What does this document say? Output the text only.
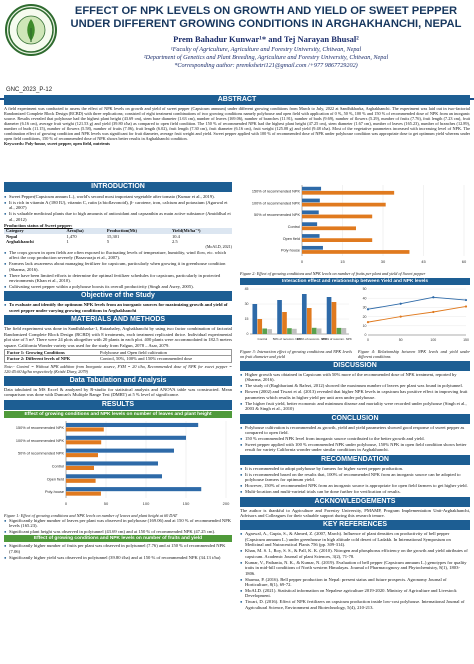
EFFECT OF NPK LEVELS ON GROWTH AND YIELD OF SWEET PEPPER UNDER DIFFERENT GROWING CONDITIONS IN ARGHAKHANCHI, NEPAL
Prem Bahadur Kunwar¹* and Tej Narayan Bhusal²
¹Faculty of Agriculture, Agriculture and Forestry University, Chitwan, Nepal
²Department of Genetics and Plant Breeding, Agriculture and Forestry University, Chitwan, Nepal
*Corresponding author: premkshetri121@gmail.com /+977 9867729202)
GNC_2023_P-12
ABSTRACT
A field experiment was conducted to assess the effect of NPK levels on growth and yield of sweet pepper (Capsicum annuum) under different growing conditions from March to July, 2022 at Sandhikharka, Arghakhanchi. The experiment was laid out in two-factorial Randomized Complete Block Design (RCBD) with three replications; consisted of eight treatment combinations of two growing conditions namely polyhouse and open field with application of 0 %, 50 %, 100 % and 150 % of recommended dose of NPK from an inorganic source. Results revealed that polyhouse had the highest plant height (43.69 cm), stem base diameter (1.63 cm), number of leaves (169.06), number of branches (11.91), number of buds (9.69), number of flowers (5.29), number of fruits (7.76), fruit length (7.23 cm), fruit diameter (6.16 cm), average fruit weight (121.53 g) and yield (39.80 t/ha) as compared to open field condition. The 150 % of recommended NPK had the highest plant height (47.25 cm), stem diameter (1.67 cm), number of leaves (165.23), number of branches (12.89), number of buds (11.15), number of flowers (5.58), number of fruits (7.06), fruit length (6.02), fruit length (7.30 cm), fruit diameter (6.16 cm), fruit weight (125.08 g) and yield (9.48 t/ha). Most of the vegetative parameters increased with increasing level of NPK. The combination effect of growing condition and NPK levels was significant for fruit diameter, average fruit weight and yield. Sweet pepper applied with 100 % of recommended dose of NPK under polyhouse condition was appropriate dose to get optimum yield whereas under open field conditions, 150 % of recommended dose of NPK shows better results in Arghakhanchi condition.
Keywords: Poly-house, sweet pepper, open field, nutrients
INTRODUCTION
● Sweet Pepper(Capsicum annum L.), world's second most important vegetable after tomato (Kumar et al., 2019).
● It is rich in vitamin A (180 IU), vitamin C, rutin (a bioflavonoid), β- carotene, iron, calcium and potassium (Agarwal et al., 2007)
● It is valuable medicinal plants due to high amounts of antioxidant and capsanthin as main active substance (Amiddlsal et al., 2012)
Production status of Sweet pepper:
Category	Area(ha)	Production(Mt)	Yield(Mt/ha⁻¹)
Nepal	1,470	15,301	10.4
Arghakhanchi	1	5	2.5
(MoALD, 2021)
● The crops grown in open fields are often exposed to fluctuating levels of temperature, humidity, wind flow, etc. which affect the crop production severely (Basavaraja et al., 2007).
● Farmers lack awareness about managing fertilizer for capsicum, particularly when growing it in greenhouse condition (Sharma, 2016).
● There have been limited efforts to determine the optimal fertilizer schedules for capsicum, particularly in protected environments (Khan et al., 2010).
● Cultivating sweet pepper within a polyhouse boosts its overall productivity (Singh and Asrey, 2005).
Objective of the Study
● To evaluate and identify the optimum NPK levels from an inorganic sources for maximizing growth and yield of sweet pepper under varying growing conditions in Arghakhanchi
MATERIALS AND METHODS
The field experiment was done in Sandhikharka-1, Rataabaley, Arghakhanchi by using two factor combination of factorial Randomized Complete Block Design (RCBD) with 8 treatments, each treatment replicated thrice. Individual experimental plot size of 5 m². There were 24 plots altogether with 20 plants in each plot. 400 plants were accommodated in 182.5 meters square. California Wonder variety was used for the study from Falgun, 2078 – Asar, 2079.
Factor 1: Growing Conditions	Polyhouse and Open field cultivation
Factor 2: Different levels of NPK	Control, 50%, 100% and 150% recommended dose
Note:- Control = Without NPK addition from Inorganic source, FYM = 20 t/ha, Recommended dose of NPK for sweet pepper = 120:45:60 kg/ha respectively (Krishi Diary, 2079)
Data Tabulation and Analysis
Data tabulated in MS Excel & analyzed by R-studio for statistical analysis and ANOVA table was constructed. Mean comparison was done with Duncan's Multiple Range Test (DMRT) at 5 % level of significance.
RESULTS
Effect of growing conditions and NPK levels on number of leaves and plant height
0	50	100	150	200
150% of recommended NPK
100% of recommended NPK
50% of recommended NPK
Control
Open field
Poly-house
Figure 1: Effect of growing conditions and NPK levels on number of leaves and plant height at 60 DAT
● Significantly higher number of leaves per plant was observed in polyhouse (169.06) and at 150 % of recommended NPK levels (165.23).
● Significant plant height was observed in polytunnel (43.69 cm) and at 150 % of recommended NPK (47.25 cm).
Effect of growing conditions and NPK levels on number of fruits and yield
● Significantly higher number of fruits per plant was observed in polytunnel (7.76) and at 150 % of recommended NPK (7.06)
● Significantly higher yield was observed in polytunnel (39.80 t/ha) and at 150 % of recommended NPK (34.13 t/ha)
0	15	30	45	60
150% of recommended NPK
100% of recommended NPK
50% of recommended NPK
Control
Open field
Poly-house
Figure 2: Effect of growing conditions and NPK levels on number of fruits per plant and yield of Sweet pepper
Interaction effect and relationship between Yield and NPK levels
0
15
30
45
Control 50% of recomm. NPK
100% of recomm. NPK
150% of recomm. NPK
Figure 3: Interaction effect of growing conditions and NPK levels on fruit diameter and yield
0
10
20
30
40
50
0	50	100	150
Figure 4: Relationship between NPK levels and yield under different conditions
DISCUSSION
● Higher growth was obtained in Capsicum with 50% more of the recommended dose of NPK treatment, reported by (Sharma, 2016).
● The study of (Raghbariani & Rafezi, 2012) showed the maximum number of leaves per plant was found in polytunnel.
● Bowen (2002) and Tiwari et al. (2013) revealed that higher NPK levels in capsicum has positive effect in improving fruit parameters which results in higher yield per unit area under polyhouse.
● The higher fruit yield, better economic and minimum disease and mortality were recorded under polyhouse (Singh et al., 2003 & Singh et al., 2010)
CONCLUSION
● Polyhouse cultivation is recommended as growth, yield and yield parameters showed good response of sweet pepper as compared to open field.
● 150 % recommended NPK level from inorganic source contributed to the better growth and yield.
● Sweet pepper applied with 100 % recommended NPK under polyhouse, 150% NPK in open field condition shows better result for variety California wonder under similar conditions in Arghakhanchi.
RECOMMENDATION
● It is recommended to adopt polyhouse by farmers for higher sweet pepper production.
● It is recommended based on the results that, 100% of recommended NPK from an inorganic source can be adopted to polyhouse farmers for optimum yield.
● However, 150% of recommended NPK from an inorganic source is appropriate for open field farmers to get higher yield.
● Multi-location and multi-varietal trials can be done further for verification of results.
ACKNOWLEDGEMENTS
The author is thankful to Agriculture and Forestry University, PMAMP, Program Implementation Unit-Arghakhanchi, Advisors and Colleagues for their valuable support during this research tenure.
KEY REFERENCES
● Agarwal, A., Gupta, S., & Ahmed, Z. (2007, March). Influence of plant densities on productivity of bell pepper (Capsicum annuum L.) under greenhouse in high altitude cold desert of Ladakh. In International Symposium on Medicinal and Nutraceutical Plants 756 (pp. 309-314).
● Khan, M. S. I., Roy, S. S., & Pall, K. K. (2010). Nitrogen and phosphorus efficiency on the growth and yield attributes of capsicum. Academic Journal of plant Sciences, 3(2), 71-78.
● Kumar, V., Pathania, N. K., & Kumar, N. (2019). Evaluation of bell pepper (Capsicum annuum L.) genotypes for quality traits in mid-hill conditions of North western Himalayas. Journal of Pharmacognosy and Phytochemistry, 8(1), 1803-1806.
● Sharma, P. (2016). Bell pepper production in Nepal: present status and future prospects. Agronomy Journal of Horticulture, 8(1), 69-72.
● MoALD. (2021). Statistical information on Nepalese agriculture 2019-2020. Ministry of Agriculture and Livestock Development.
● Tiwari, D. (2016). Effect of NPK fertilizers on capsicum production inside low-cost polyhouse. International Journal of Agricultural Science, Environment and Biotechnology, 5(4), 210-213.
